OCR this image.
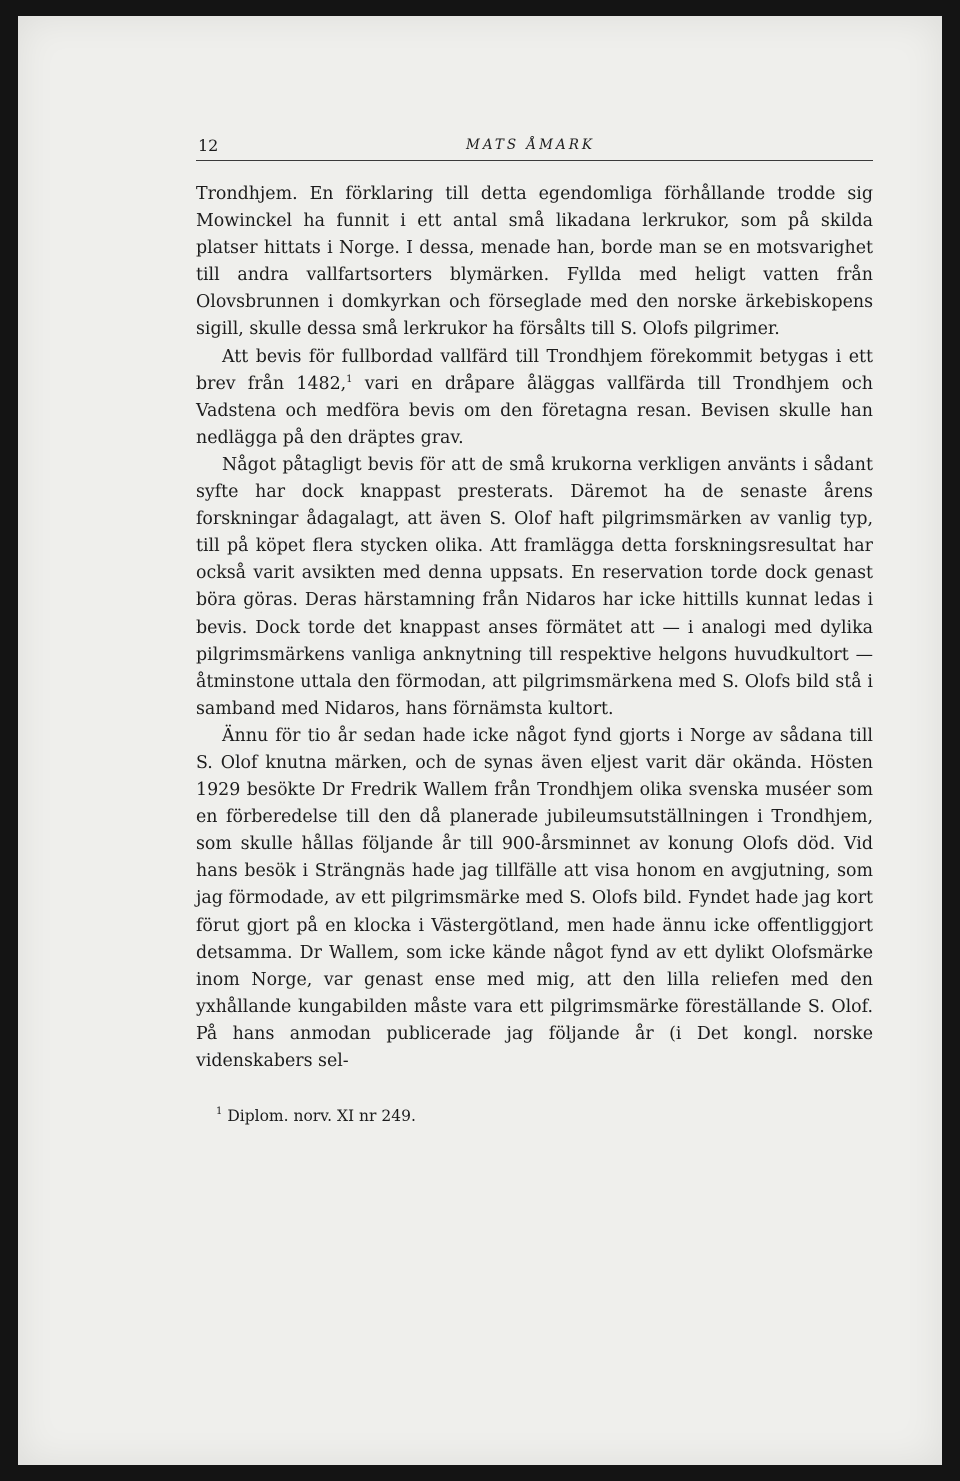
12	MATS ÅMARK

Trondhjem. En förklaring till detta egendomliga förhållande trodde sig Mowinckel ha funnit i ett antal små likadana lerkrukor, som på skilda platser hittats i Norge. I dessa, menade han, borde man se en motsvarighet till andra vallfartsorters blymärken. Fyllda med heligt vatten från Olovsbrunnen i domkyrkan och förseglade med den norske ärkebiskopens sigill, skulle dessa små lerkrukor ha försålts till S. Olofs pilgrimer.

Att bevis för fullbordad vallfärd till Trondhjem förekommit betygas i ett brev från 1482,$^1$ vari en dråpare åläggas vallfärda till Trondhjem och Vadstena och medföra bevis om den företagna resan. Bevisen skulle han nedlägga på den dräptes grav.

Något påtagligt bevis för att de små krukorna verkligen använts i sådant syfte har dock knappast presterats. Däremot ha de senaste årens forskningar ådagalagt, att även S. Olof haft pilgrimsmärken av vanlig typ, till på köpet flera stycken olika. Att framlägga detta forskningsresultat har också varit avsikten med denna uppsats. En reservation torde dock genast böra göras. Deras härstamning från Nidaros har icke hittills kunnat ledas i bevis. Dock torde det knappast anses förmätet att — i analogi med dylika pilgrimsmärkens vanliga anknytning till respektive helgons huvudkultort — åtminstone uttala den förmodan, att pilgrimsmärkena med S. Olofs bild stå i samband med Nidaros, hans förnämsta kultort.

Ännu för tio år sedan hade icke något fynd gjorts i Norge av sådana till S. Olof knutna märken, och de synas även eljest varit där okända. Hösten 1929 besökte Dr Fredrik Wallem från Trondhjem olika svenska muséer som en förberedelse till den då planerade jubileumsutställningen i Trondhjem, som skulle hållas följande år till 900-årsminnet av konung Olofs död. Vid hans besök i Strängnäs hade jag tillfälle att visa honom en avgjutning, som jag förmodade, av ett pilgrimsmärke med S. Olofs bild. Fyndet hade jag kort förut gjort på en klocka i Västergötland, men hade ännu icke offentliggjort detsamma. Dr Wallem, som icke kände något fynd av ett dylikt Olofsmärke inom Norge, var genast ense med mig, att den lilla reliefen med den yxhållande kungabilden måste vara ett pilgrimsmärke föreställande S. Olof. På hans anmodan publicerade jag följande år (i Det kongl. norske videnskabers sel-

$^1$ Diplom. norv. XI nr 249.
